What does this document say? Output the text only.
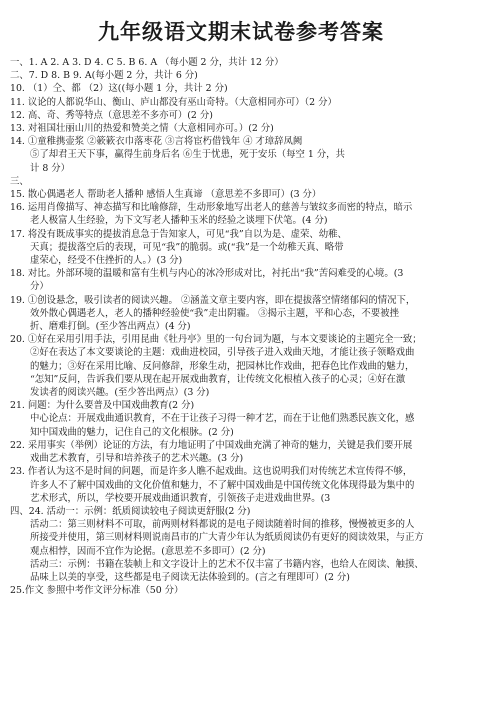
九年级语文期末试卷参考答案
一、1. A 2. A 3. D 4. C 5. B 6. A （每小题 2 分，共计 12 分）
二、7. D 8. B 9. A(每小题 2 分，共计 6 分)
10. （1）仝、都 （2）这((每小题 1 分，共计 2 分)
11. 议论的人都说华山、衡山、庐山都没有巫山奇特。（大意相同亦可）（2 分）
12. 高、奇、秀等特点（意思差不多亦可）(2 分)
13. 对祖国壮丽山川的热爱和赞美之情（大意相同亦可。）(2 分)
14. ①童稚携壶浆 ②簌簌衣巾落枣花 ③言将宦朽借钱年 ④ 才璋辞凤阙
⑤了却君王天下事，赢得生前身后名 ⑥生于忧患，死于安乐（每空 1 分，共
计 8 分）
三、
15. 散心偶遇老人 帮助老人播种 感悟人生真谛 （意思差不多即可）(3 分）
16. 运用肖像描写、神态描写和比喻修辞，生动形象地写出老人的慈善与皱纹多而密的特点，暗示
老人极富人生经验，为下文写老人播种玉米的经验之谈埋下伏笔。(4 分)
17. 将没有既成事实的提拔消息急于告知家人，可见“我”自以为是、虚荣、幼稚、
天真；提拔落空后的表现，可见“我”的脆弱。或(“我”是一个幼稚天真、略带
虚荣心，经受不住挫折的人。）(3 分)
18. 对比。外部环境的温暖和富有生机与内心的冰冷形成对比，衬托出“我”苦闷难受的心境。(3
分）
19. ①创设悬念，吸引读者的阅读兴趣。 ②涵盖文章主要内容，即在提拔落空情绪郁闷的情况下，
效外散心偶遇老人，老人的播种经验使“我”走出阴霾。 ③揭示主题，平和心态，不要被挫
折、磨难打倒。(至少答出两点）(4 分)
20. ①好在采用引用手法，引用昆曲《牡丹亭》里的一句台词为题，与本文要谈论的主题完全一致；
②好在表达了本文要谈论的主题：戏曲进校园，引导孩子进入戏曲天地，才能让孩子领略戏曲
的魅力；③好在采用比喻、反问修辞，形象生动，把园林比作戏曲，把春色比作戏曲的魅力，
“怎知”反问，告诉我们要从现在起开展戏曲教育，让传统文化根植入孩子的心灵；④好在激
发读者的阅读兴趣。(至少答出两点）(3 分)
21. 问题：为什么要普及中国戏曲教育(2 分)
中心论点：开展戏曲通识教育，不在于让孩子习得一种才艺，而在于让他们熟悉民族文化，感
知中国戏曲的魅力，记住自己的文化根脉。(2 分)
22. 采用事实（举例）论证的方法，有力地证明了中国戏曲充满了神奇的魅力，关键是我们要开展
戏曲艺术教育，引导和培养孩子的艺术兴趣。(3 分)
23. 作者认为这不是时间的问题，而是许多人瞧不起戏曲。这也说明我们对传统艺术宣传得不够，
许多人不了解中国戏曲的文化价值和魅力，不了解中国戏曲是中国传统文化体现得最为集中的
艺术形式，所以，学校要开展戏曲通识教育，引领孩子走进戏曲世界。(3
四、24. 活动一：示例：纸质阅读较电子阅读更舒服(2 分)
活动二：第三则材料不可取，前两则材料都说的是电子阅读随着时间的推移，慢慢被更多的人
所接受并使用，第三则材料则说南昌市的广大青少年认为纸质阅读仍有更好的阅读效果，与正方
观点相悖，因而不宜作为论据。(意思差不多即可）(2 分)
活动三：示例：书籍在装帧上和文字设计上的艺术不仅丰富了书籍内容，也给人在阅读、触摸、
品味上以美的享受，这些都是电子阅读无法体验到的。(言之有理即可）(2 分)
25.作文 参照中考作文评分标准（50 分）
